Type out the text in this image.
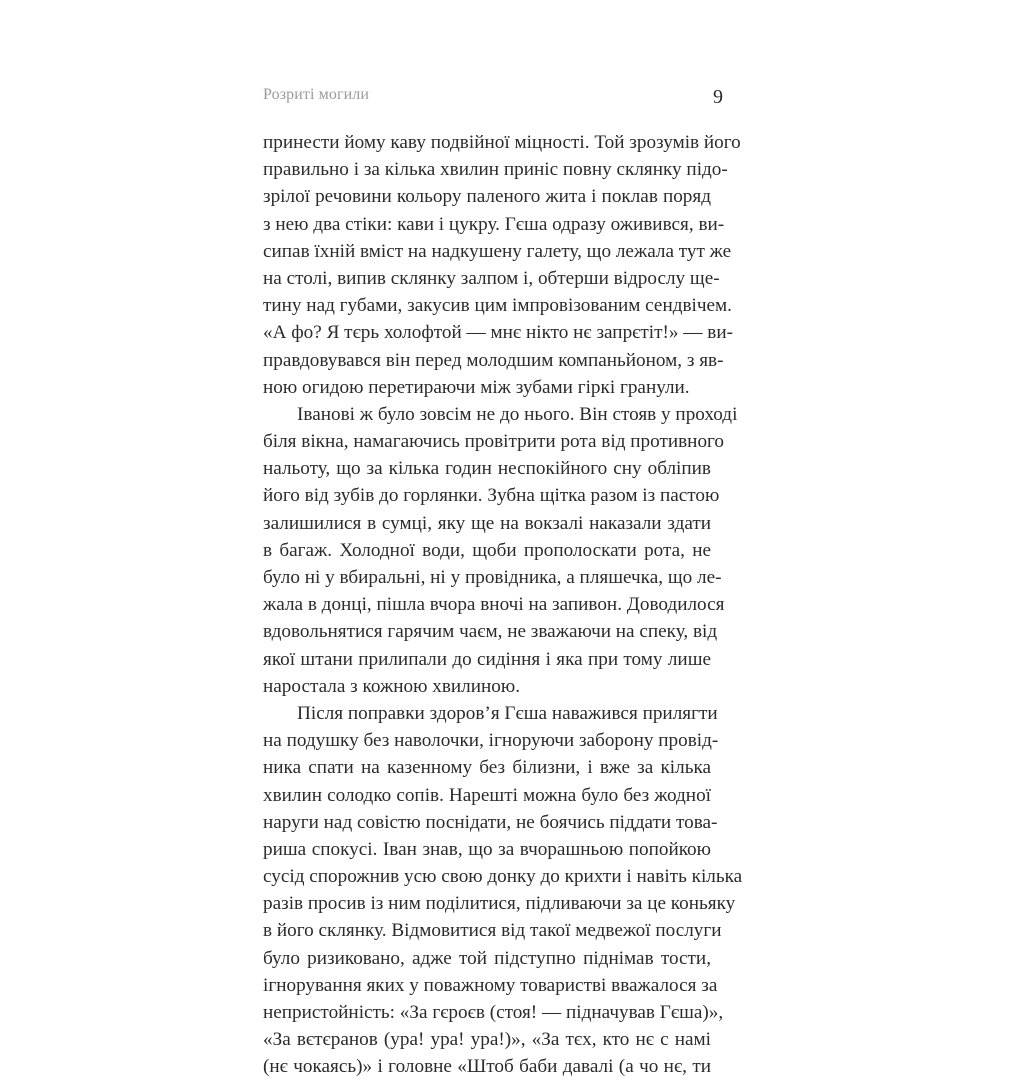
Розриті могили	9
принести йому каву подвійної міцності. Той зрозумів його
правильно і за кілька хвилин приніс повну склянку підо-
зрілої речовини кольору паленого жита і поклав поряд
з нею два стіки: кави і цукру. Гєша одразу оживився, ви-
сипав їхній вміст на надкушену галету, що лежала тут же
на столі, випив склянку залпом і, обтерши відрослу ще-
тину над губами, закусив цим імпровізованим сендвічем.
«А фо? Я тєрь холофтой — мнє нікто нє запрєтіт!» — ви-
правдовувався він перед молодшим компаньйоном, з яв-
ною огидою перетираючи між зубами гіркі гранули.
Іванові ж було зовсім не до нього. Він стояв у проході
біля вікна, намагаючись провітрити рота від противного
нальоту, що за кілька годин неспокійного сну обліпив
його від зубів до горлянки. Зубна щітка разом із пастою
залишилися в сумці, яку ще на вокзалі наказали здати
в багаж. Холодної води, щоби прополоскати рота, не
було ні у вбиральні, ні у провідника, а пляшечка, що ле-
жала в донці, пішла вчора вночі на запивон. Доводилося
вдовольнятися гарячим чаєм, не зважаючи на спеку, від
якої штани прилипали до сидіння і яка при тому лише
наростала з кожною хвилиною.
Після поправки здоров’я Гєша наважився прилягти
на подушку без наволочки, ігноруючи заборону провід-
ника спати на казенному без білизни, і вже за кілька
хвилин солодко сопів. Нарешті можна було без жодної
наруги над совістю поснідати, не боячись піддати това-
риша спокусі. Іван знав, що за вчорашньою попойкою
сусід спорожнив усю свою донку до крихти і навіть кілька
разів просив із ним поділитися, підливаючи за це коньяку
в його склянку. Відмовитися від такої медвежої послуги
було ризиковано, адже той підступно піднімав тости,
ігнорування яких у поважному товаристві вважалося за
непристойність: «За гєроєв (стоя! — підначував Гєша)»,
«За вєтєранов (ура! ура! ура!)», «За тєх, кто нє с намі
(нє чокаясь)» і головне «Штоб баби давалі (а чо нє, ти
